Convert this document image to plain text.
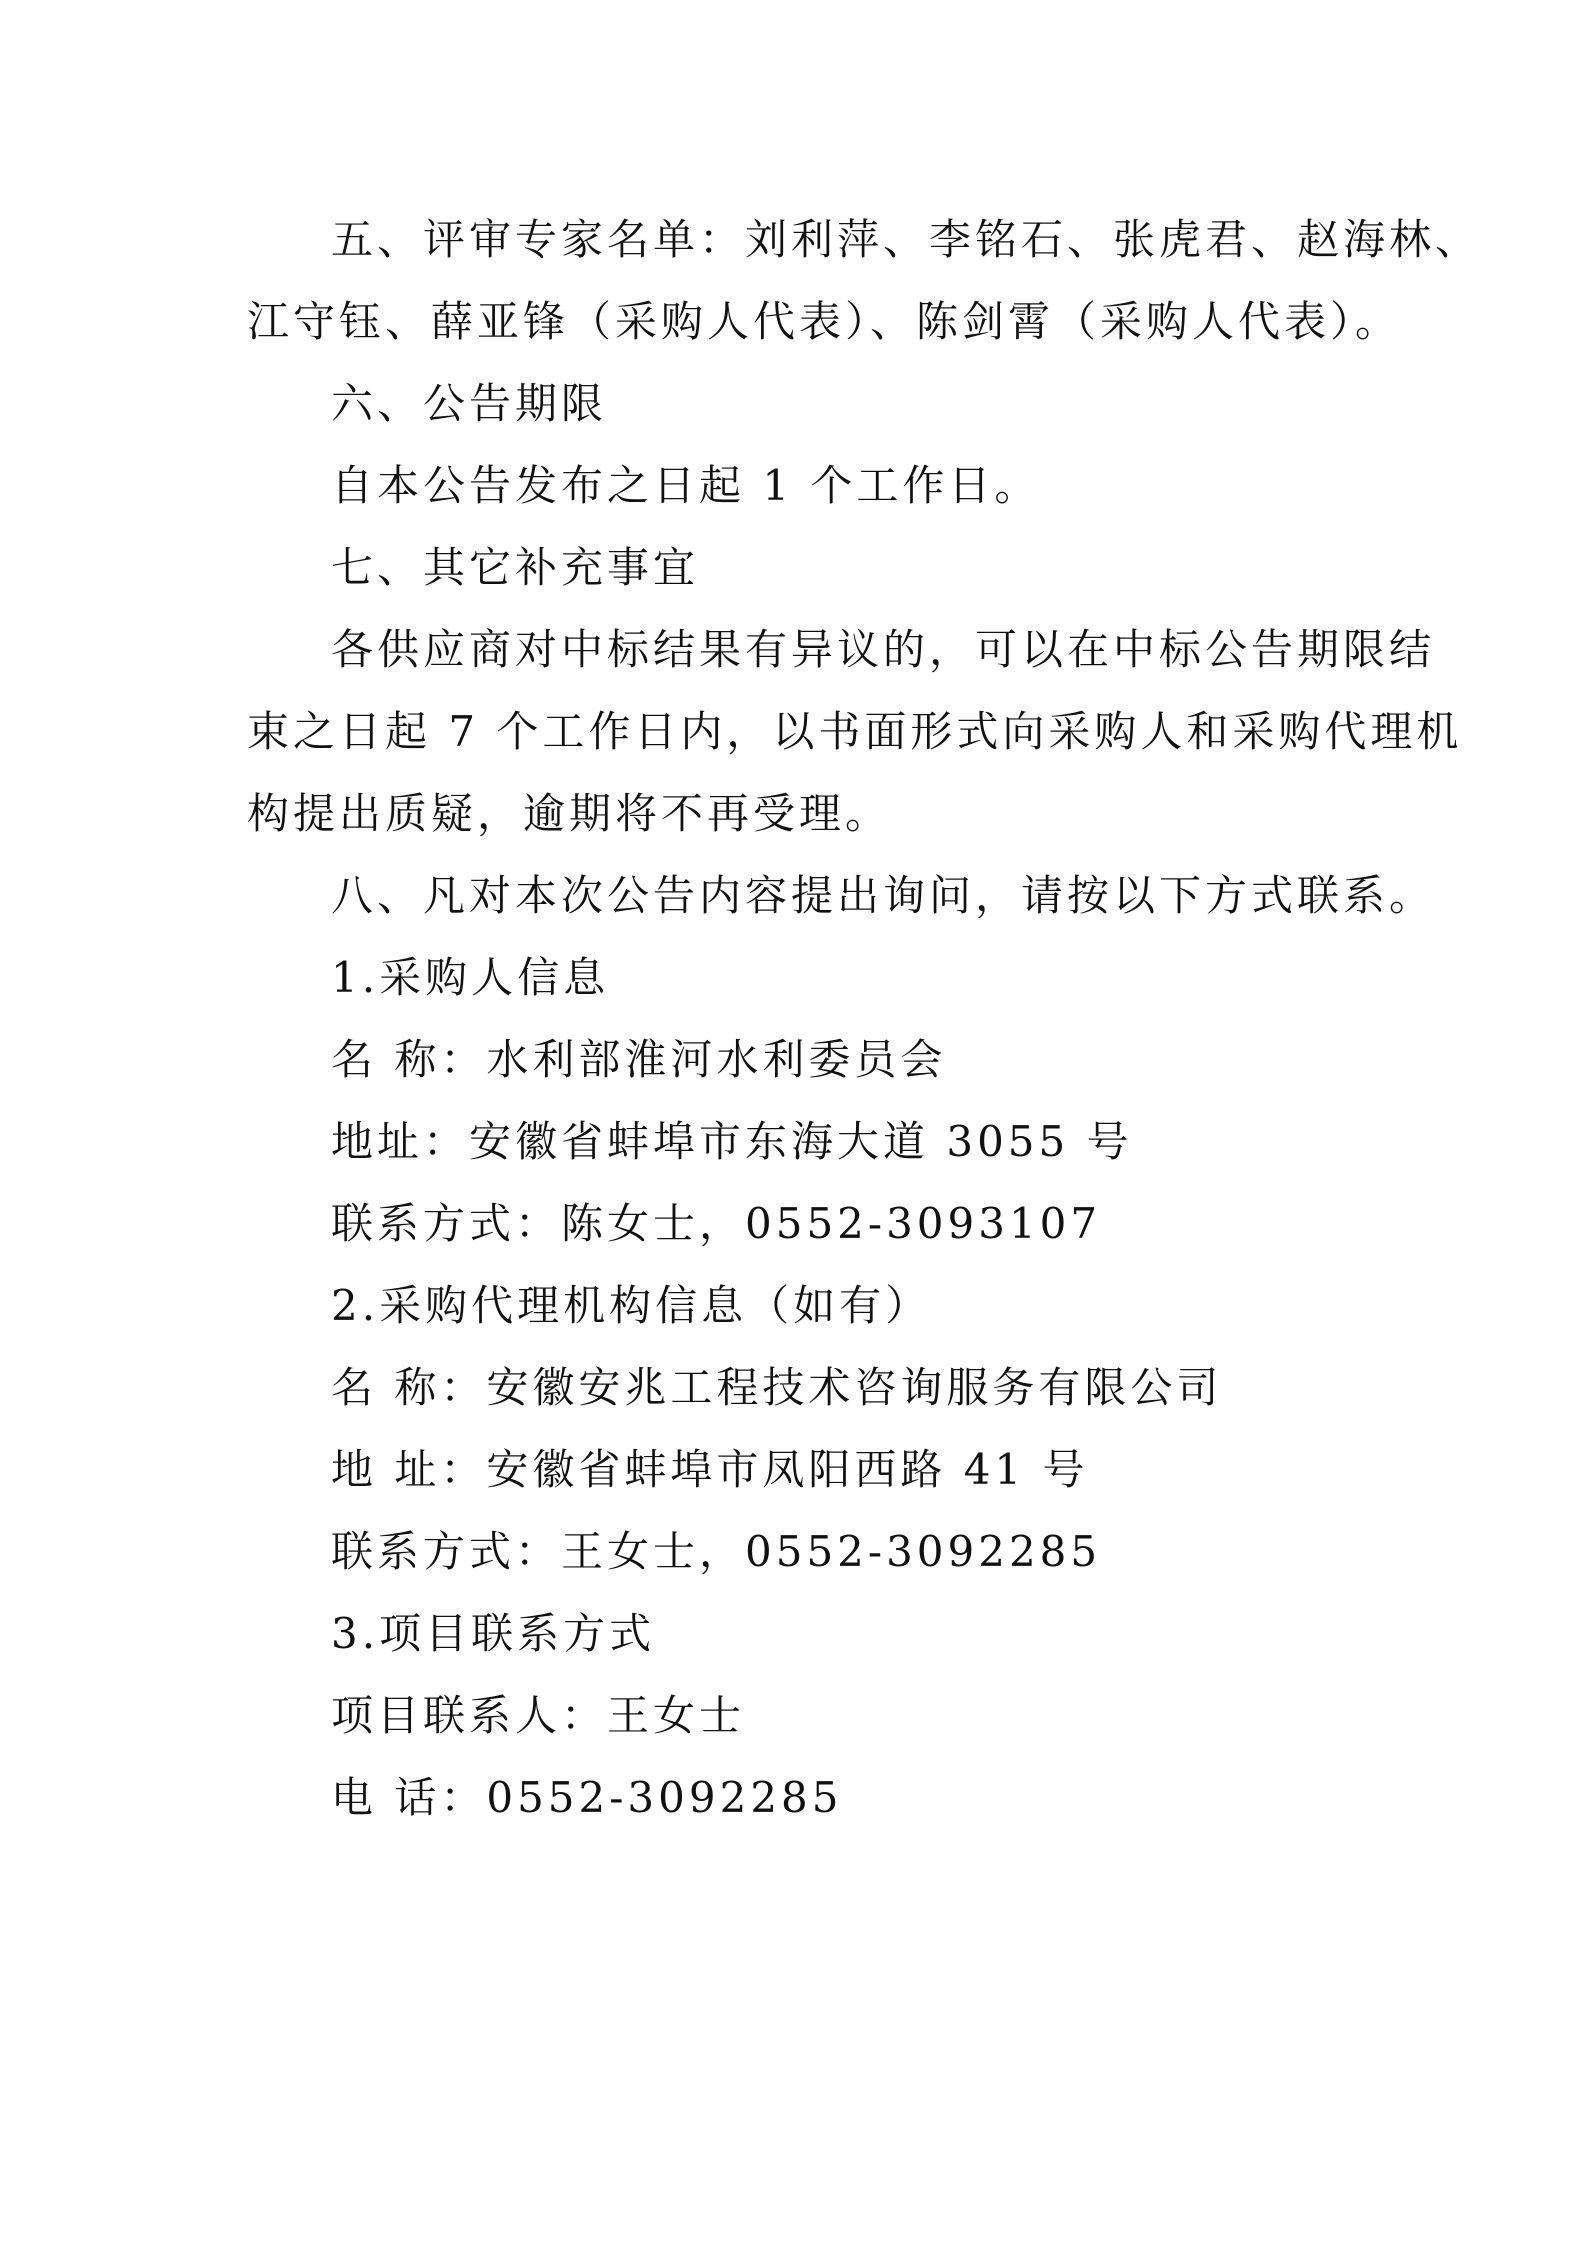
五、评审专家名单：刘利萍、李铭石、张虎君、赵海林、
江守钰、薛亚锋（采购人代表）、陈剑霄（采购人代表）。
六、公告期限
自本公告发布之日起 1 个工作日。
七、其它补充事宜
各供应商对中标结果有异议的，可以在中标公告期限结
束之日起 7 个工作日内，以书面形式向采购人和采购代理机
构提出质疑，逾期将不再受理。
八、凡对本次公告内容提出询问，请按以下方式联系。
1.采购人信息
名 称：水利部淮河水利委员会
地址：安徽省蚌埠市东海大道 3055 号
联系方式：陈女士，0552-3093107
2.采购代理机构信息（如有）
名 称：安徽安兆工程技术咨询服务有限公司
地 址：安徽省蚌埠市凤阳西路 41 号
联系方式：王女士，0552-3092285
3.项目联系方式
项目联系人：王女士
电 话：0552-3092285
